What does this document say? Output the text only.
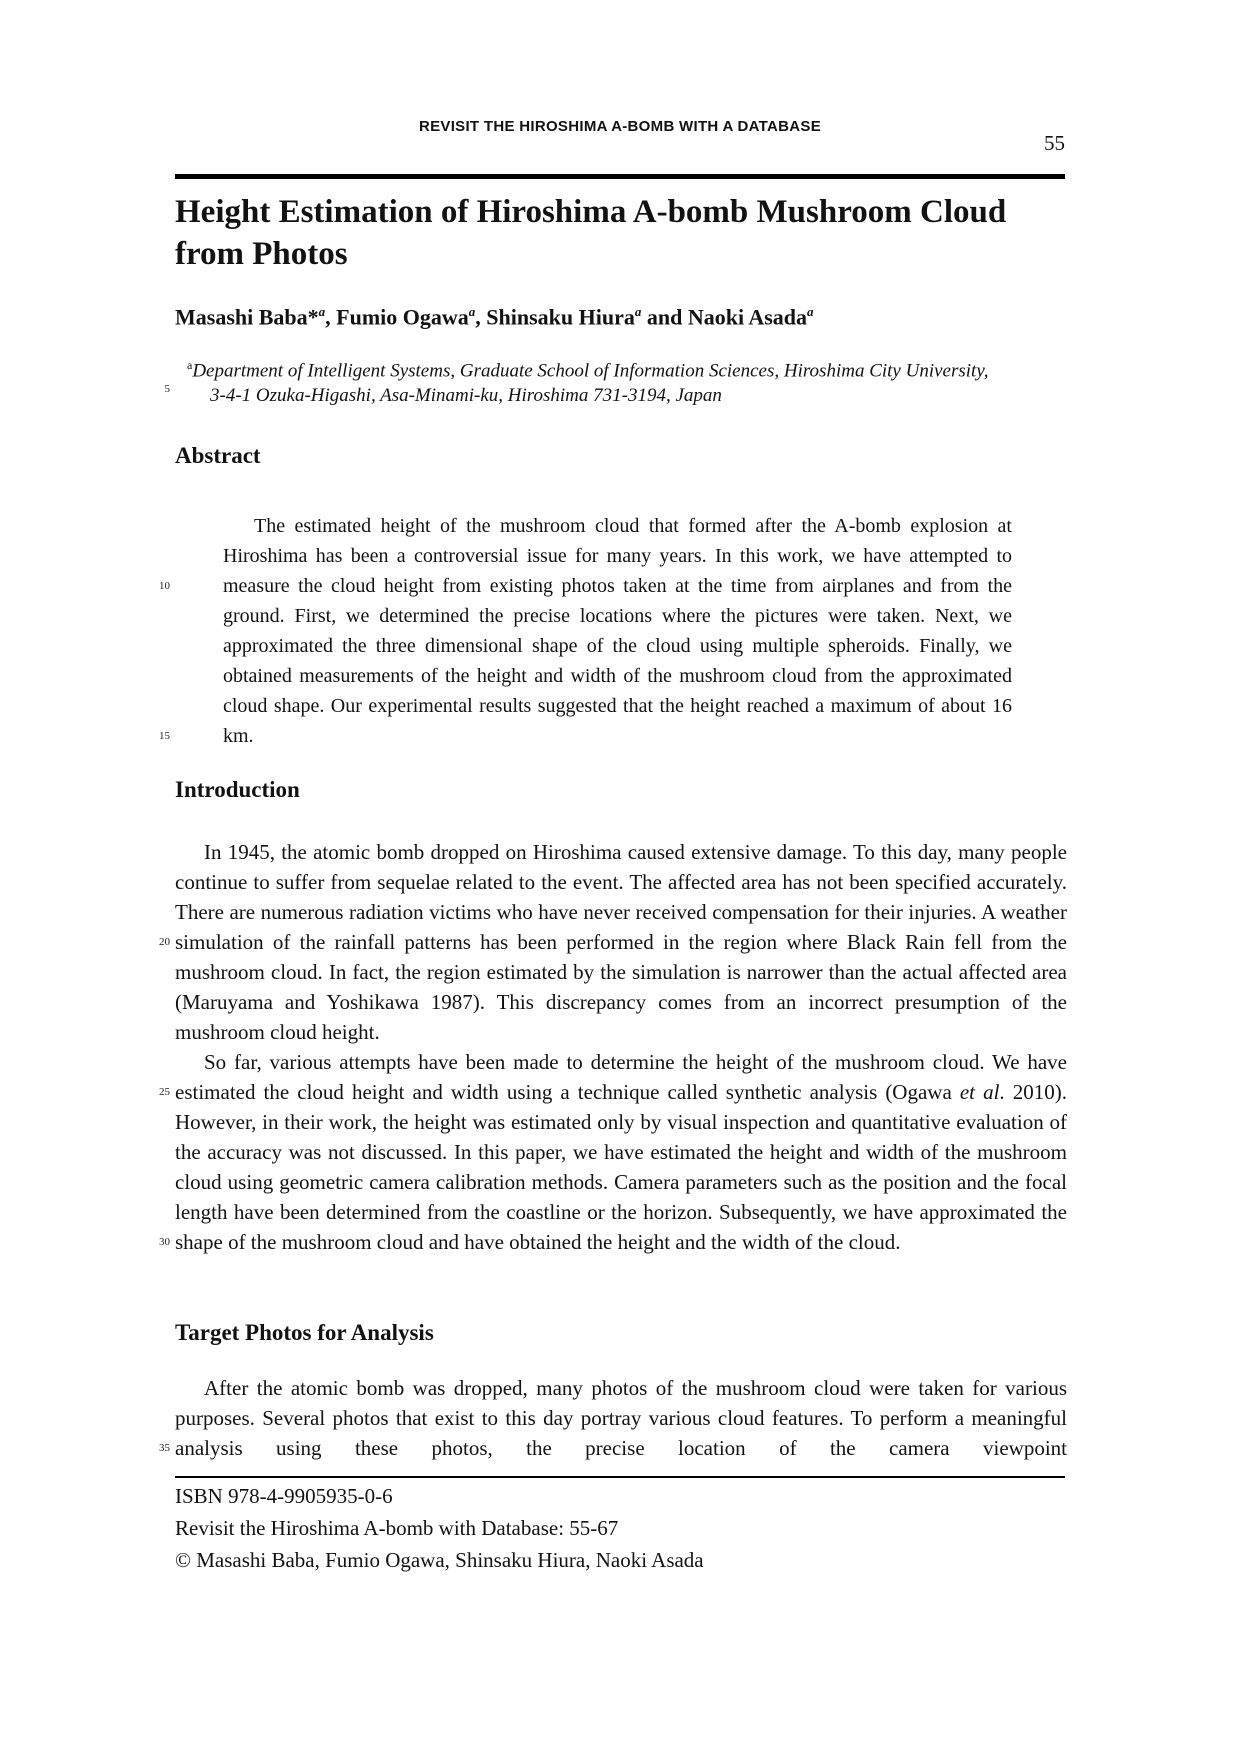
REVISIT THE HIROSHIMA A-BOMB WITH A DATABASE
55
Height Estimation of Hiroshima A-bomb Mushroom Cloud
from Photos
Masashi Baba*$^a$, Fumio Ogawa$^a$, Shinsaku Hiura$^a$ and Naoki Asada$^a$
$^a$Department of Intelligent Systems, Graduate School of Information Sciences, Hiroshima City University,
3-4-1 Ozuka-Higashi, Asa-Minami-ku, Hiroshima 731-3194, Japan
Abstract
The estimated height of the mushroom cloud that formed after the A-bomb explosion at Hiroshima has been a controversial issue for many years. In this work, we have attempted to measure the cloud height from existing photos taken at the time from airplanes and from the ground. First, we determined the precise locations where the pictures were taken. Next, we approximated the three dimensional shape of the cloud using multiple spheroids. Finally, we obtained measurements of the height and width of the mushroom cloud from the approximated cloud shape. Our experimental results suggested that the height reached a maximum of about 16 km.
Introduction

In 1945, the atomic bomb dropped on Hiroshima caused extensive damage. To this day, many people continue to suffer from sequelae related to the event. The affected area has not been specified accurately. There are numerous radiation victims who have never received compensation for their injuries. A weather simulation of the rainfall patterns has been performed in the region where Black Rain fell from the mushroom cloud. In fact, the region estimated by the simulation is narrower than the actual affected area (Maruyama and Yoshikawa 1987). This discrepancy comes from an incorrect presumption of the mushroom cloud height.

So far, various attempts have been made to determine the height of the mushroom cloud. We have estimated the cloud height and width using a technique called synthetic analysis (Ogawa et al. 2010). However, in their work, the height was estimated only by visual inspection and quantitative evaluation of the accuracy was not discussed. In this paper, we have estimated the height and width of the mushroom cloud using geometric camera calibration methods. Camera parameters such as the position and the focal length have been determined from the coastline or the horizon. Subsequently, we have approximated the shape of the mushroom cloud and have obtained the height and the width of the cloud.

Target Photos for Analysis

After the atomic bomb was dropped, many photos of the mushroom cloud were taken for various purposes. Several photos that exist to this day portray various cloud features. To perform a meaningful analysis using these photos, the precise location of the camera viewpoint

5
10
15
20
25
30
35
ISBN 978-4-9905935-0-6
Revisit the Hiroshima A-bomb with Database: 55-67
© Masashi Baba, Fumio Ogawa, Shinsaku Hiura, Naoki Asada
